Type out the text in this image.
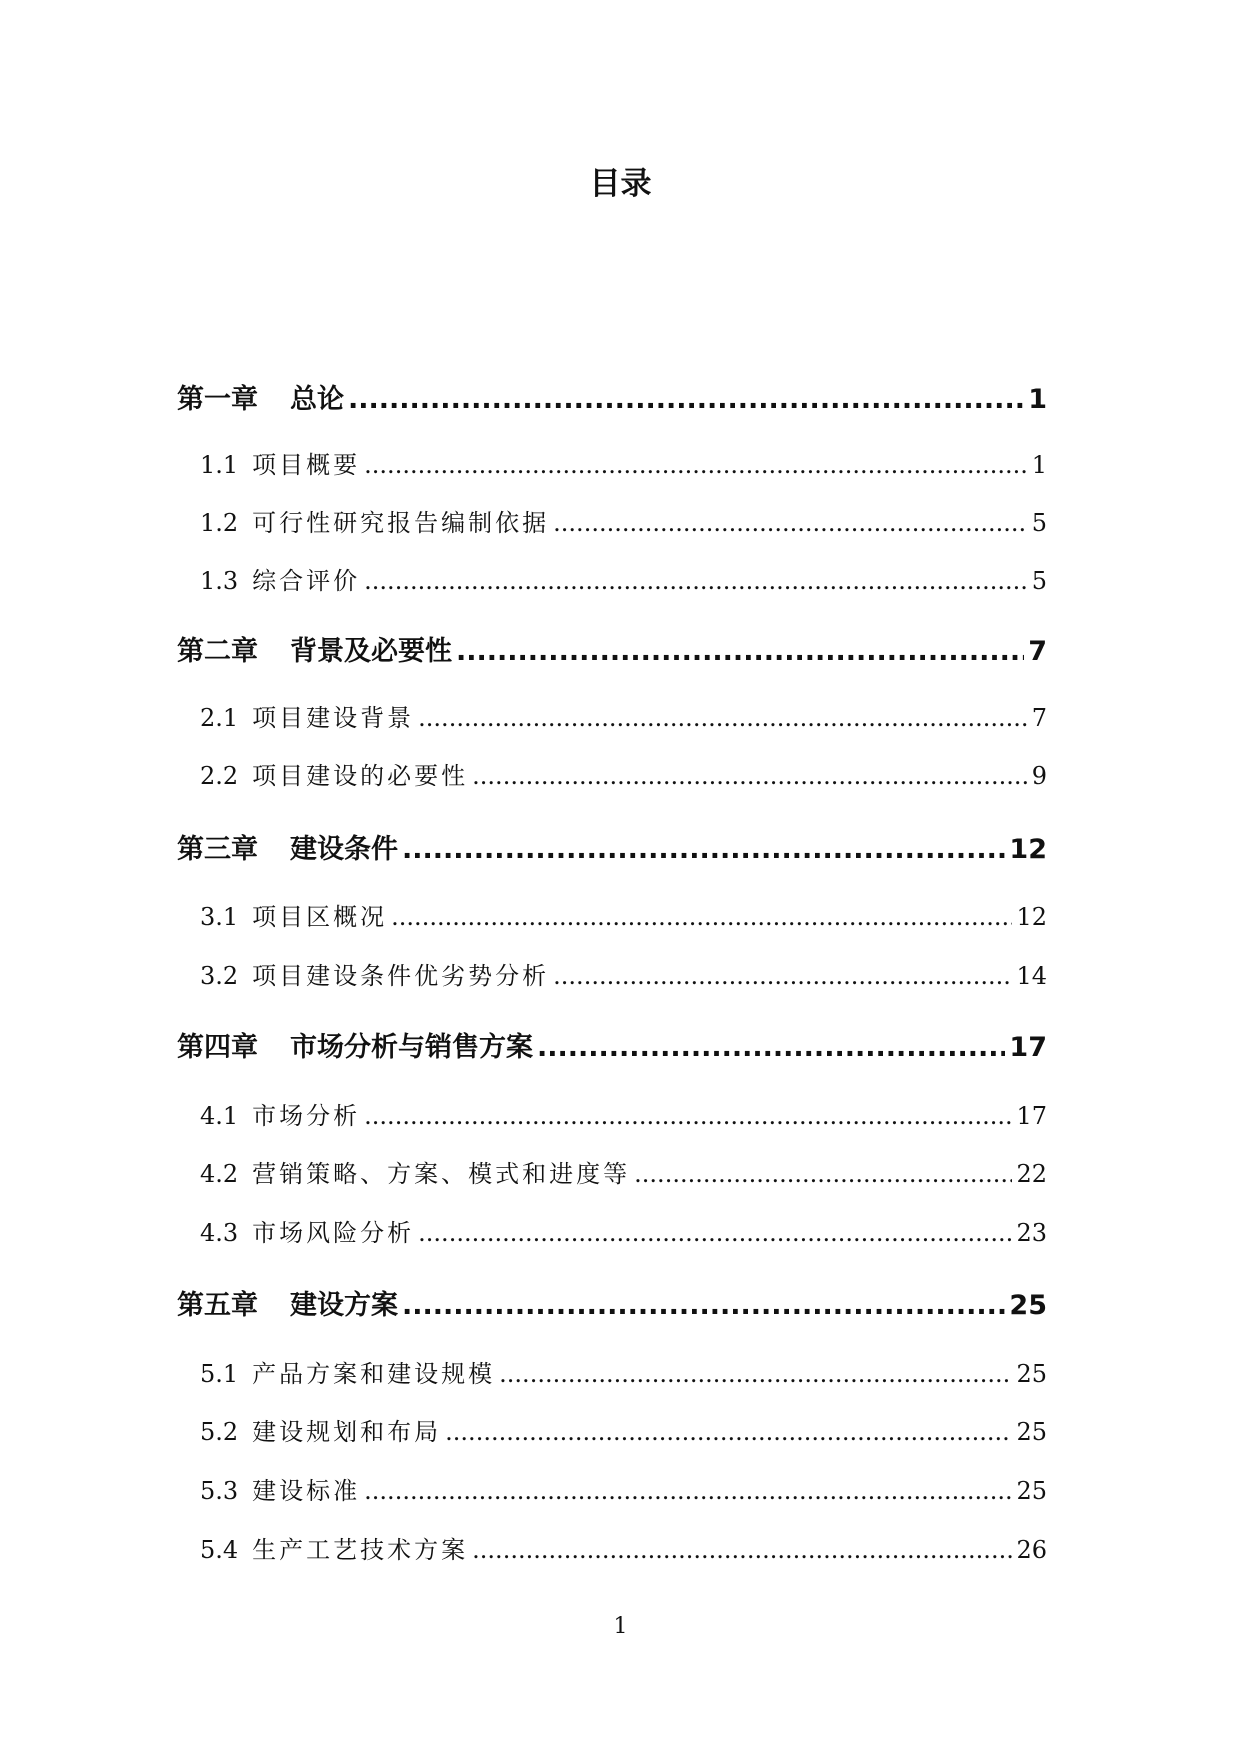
目录
第一章 总论 .....	1
1.1 项目概要 .....	1
1.2 可行性研究报告编制依据 .....	5
1.3 综合评价 .....	5
第二章 背景及必要性 .....	7
2.1 项目建设背景 .....	7
2.2 项目建设的必要性 .....	9
第三章 建设条件 .....	12
3.1 项目区概况 .....	12
3.2 项目建设条件优劣势分析 .....	14
第四章 市场分析与销售方案 .....	17
4.1 市场分析 .....	17
4.2 营销策略、方案、模式和进度等 .....	22
4.3 市场风险分析 .....	23
第五章 建设方案 .....	25
5.1 产品方案和建设规模 .....	25
5.2 建设规划和布局 .....	25
5.3 建设标准 .....	25
5.4 生产工艺技术方案 .....	26
1
